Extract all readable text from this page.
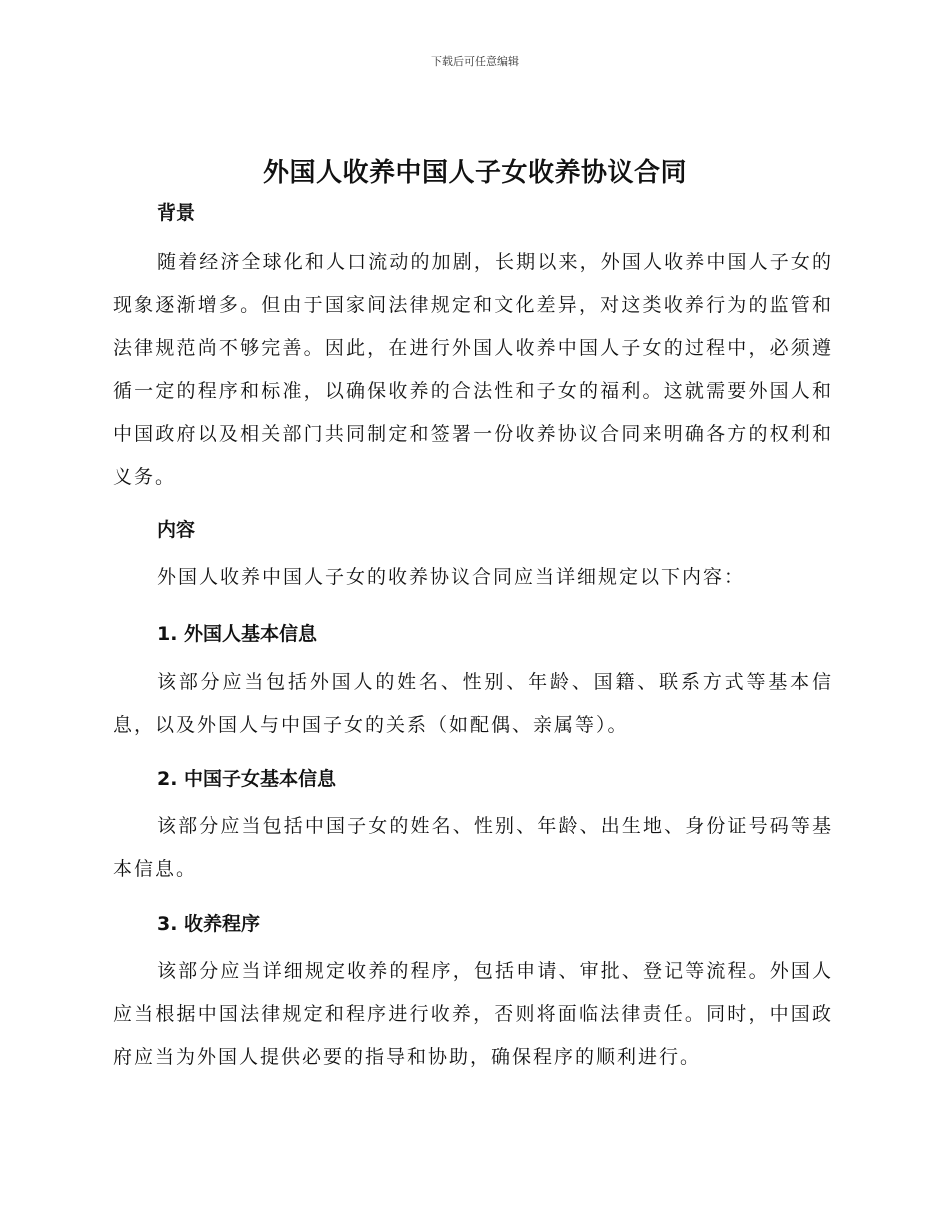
下载后可任意编辑
外国人收养中国人子女收养协议合同
背景

随着经济全球化和人口流动的加剧，长期以来，外国人收养中国人子女的现象逐渐增多。但由于国家间法律规定和文化差异，对这类收养行为的监管和法律规范尚不够完善。因此，在进行外国人收养中国人子女的过程中，必须遵循一定的程序和标准，以确保收养的合法性和子女的福利。这就需要外国人和中国政府以及相关部门共同制定和签署一份收养协议合同来明确各方的权利和义务。

内容

外国人收养中国人子女的收养协议合同应当详细规定以下内容：

1. 外国人基本信息

该部分应当包括外国人的姓名、性别、年龄、国籍、联系方式等基本信息，以及外国人与中国子女的关系（如配偶、亲属等）。

2. 中国子女基本信息

该部分应当包括中国子女的姓名、性别、年龄、出生地、身份证号码等基本信息。

3. 收养程序

该部分应当详细规定收养的程序，包括申请、审批、登记等流程。外国人应当根据中国法律规定和程序进行收养，否则将面临法律责任。同时，中国政府应当为外国人提供必要的指导和协助，确保程序的顺利进行。
